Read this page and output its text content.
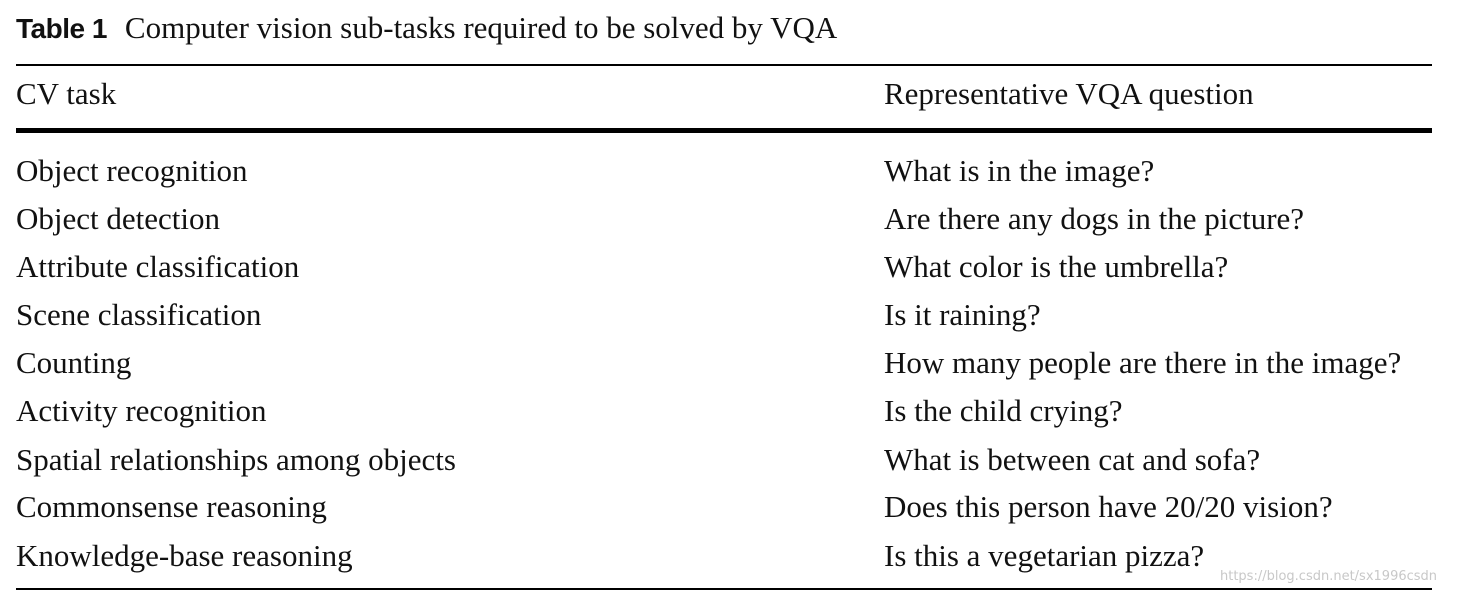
Table 1 Computer vision sub-tasks required to be solved by VQA
CV task	Representative VQA question
Object recognition	What is in the image?
Object detection	Are there any dogs in the picture?
Attribute classification	What color is the umbrella?
Scene classification	Is it raining?
Counting	How many people are there in the image?
Activity recognition	Is the child crying?
Spatial relationships among objects	What is between cat and sofa?
Commonsense reasoning	Does this person have 20/20 vision?
Knowledge-base reasoning	Is this a vegetarian pizza?
https://blog.csdn.net/sx1996csdn
